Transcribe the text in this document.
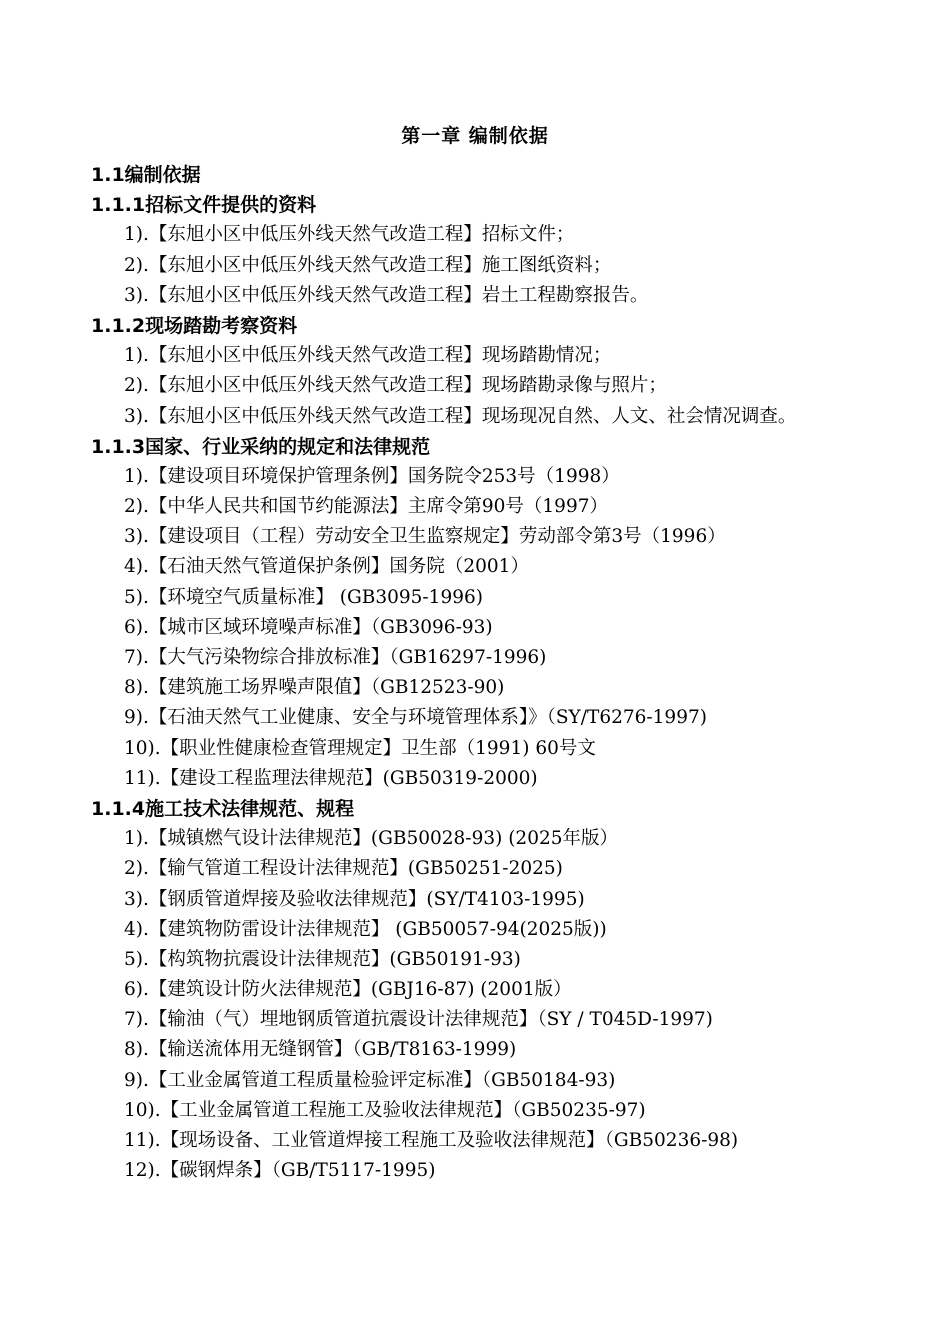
第一章 编制依据
1.1编制依据
1.1.1招标文件提供的资料
1).【东旭小区中低压外线天然气改造工程】招标文件；
2).【东旭小区中低压外线天然气改造工程】施工图纸资料；
3).【东旭小区中低压外线天然气改造工程】岩土工程勘察报告。
1.1.2现场踏勘考察资料
1).【东旭小区中低压外线天然气改造工程】现场踏勘情况；
2).【东旭小区中低压外线天然气改造工程】现场踏勘录像与照片；
3).【东旭小区中低压外线天然气改造工程】现场现况自然、人文、社会情况调查。
1.1.3国家、行业采纳的规定和法律规范
1).【建设项目环境保护管理条例】国务院令253号（1998）
2).【中华人民共和国节约能源法】主席令第90号（1997）
3).【建设项目（工程）劳动安全卫生监察规定】劳动部令第3号（1996）
4).【石油天然气管道保护条例】国务院（2001）
5).【环境空气质量标准】 (GB3095-1996)
6).【城市区域环境噪声标准】（GB3096-93)
7).【大气污染物综合排放标准】（GB16297-1996)
8).【建筑施工场界噪声限值】（GB12523-90)
9).【石油天然气工业健康、安全与环境管理体系】》（SY/T6276-1997)
10).【职业性健康检查管理规定】卫生部（1991) 60号文
11).【建设工程监理法律规范】(GB50319-2000)
1.1.4施工技术法律规范、规程
1).【城镇燃气设计法律规范】(GB50028-93) (2025年版）
2).【输气管道工程设计法律规范】(GB50251-2025)
3).【钢质管道焊接及验收法律规范】(SY/T4103-1995)
4).【建筑物防雷设计法律规范】 (GB50057-94(2025版))
5).【构筑物抗震设计法律规范】(GB50191-93)
6).【建筑设计防火法律规范】(GBJ16-87) (2001版）
7).【输油（气）埋地钢质管道抗震设计法律规范】（SY / T045D-1997)
8).【输送流体用无缝钢管】（GB/T8163-1999)
9).【工业金属管道工程质量检验评定标准】（GB50184-93)
10).【工业金属管道工程施工及验收法律规范】（GB50235-97)
11).【现场设备、工业管道焊接工程施工及验收法律规范】（GB50236-98)
12).【碳钢焊条】（GB/T5117-1995)
